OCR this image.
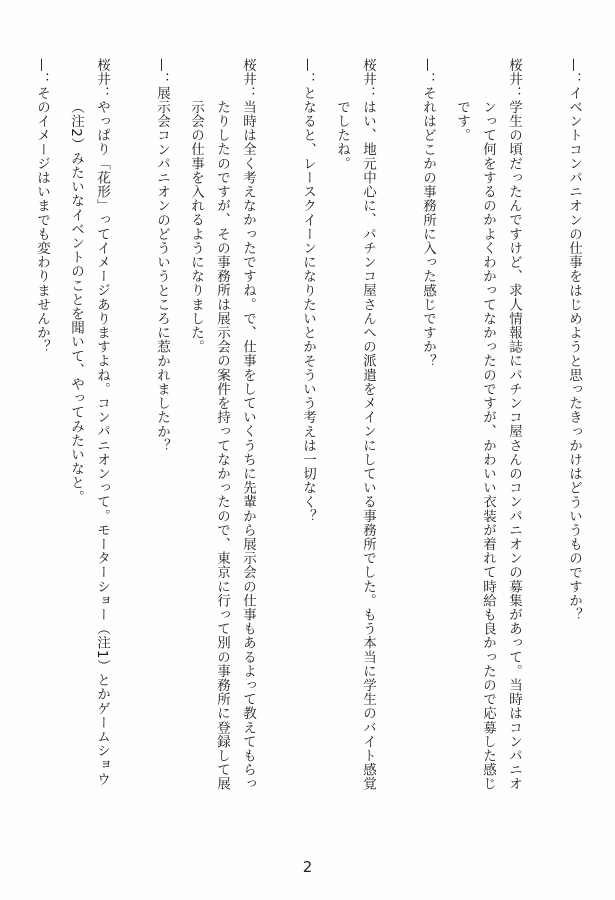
—：

イベントコンパニオンの仕事をはじめようと思ったきっかけはどういうものですか？

桜井：

学生の頃だったんですけど、求人情報誌にパチンコ屋さんのコンパニオンの募集があって。当時はコンパニオンって何をするのかよくわかってなかったのですが、かわいい衣装が着れて時給も良かったので応募した感じです。

—：

それはどこかの事務所に入った感じですか？

桜井：

はい、地元中心に、パチンコ屋さんへの派遣をメインにしている事務所でした。もう本当に学生のバイト感覚でしたね。

—：

となると、レースクイーンになりたいとかそういう考えは一切なく？

桜井：

当時は全く考えなかったですね。で、仕事をしていくうちに先輩から展示会の仕事もあるよって教えてもらったりしたのですが、その事務所は展示会の案件を持ってなかったので、東京に行って別の事務所に登録して展示会の仕事を入れるようになりました。

—：

展示会コンパニオンのどういうところに惹かれましたか？

桜井：

やっぱり「花形」ってイメージありますよね。コンパニオンって。モーターショー（注1）とかゲームショウ（注2）みたいなイベントのことを聞いて、やってみたいなと。

—：

そのイメージはいまでも変わりませんか？

2
